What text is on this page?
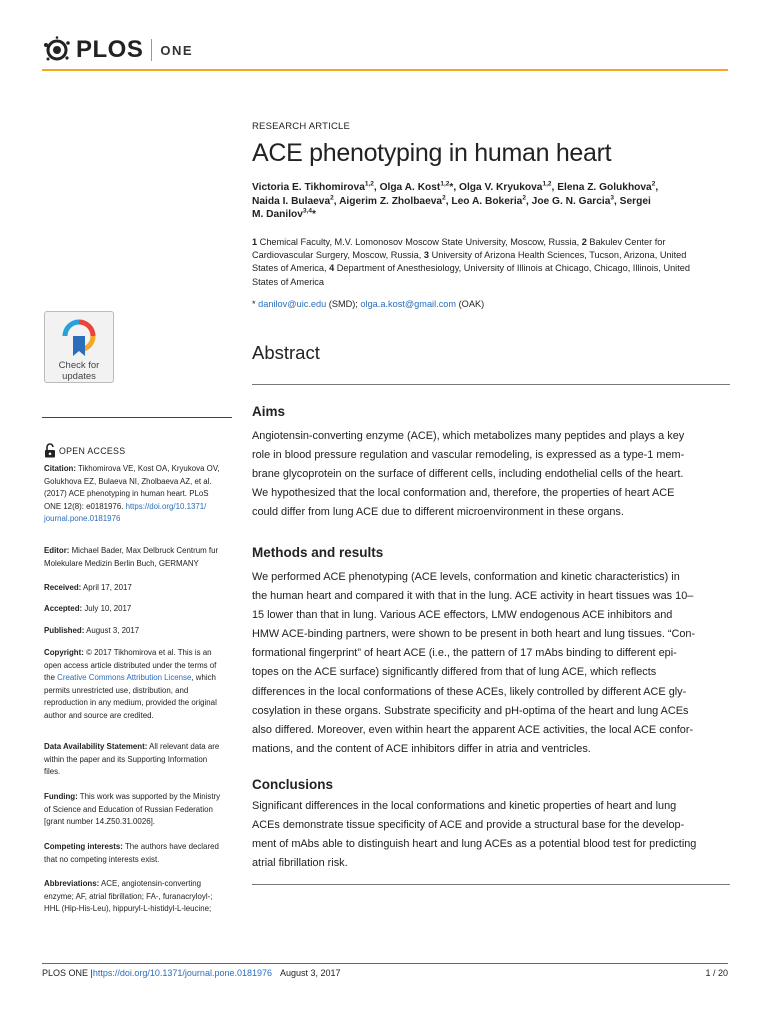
PLOS ONE
RESEARCH ARTICLE
ACE phenotyping in human heart
Victoria E. Tikhomirova$^{1,2}$, Olga A. Kost$^{1,2}$*, Olga V. Kryukova$^{1,2}$, Elena Z. Golukhova$^2$,
Naida I. Bulaeva$^2$, Aigerim Z. Zholbaeva$^2$, Leo A. Bokeria$^2$, Joe G. N. Garcia$^3$, Sergei
M. Danilov$^{3,4}$*
1 Chemical Faculty, M.V. Lomonosov Moscow State University, Moscow, Russia, 2 Bakulev Center for
Cardiovascular Surgery, Moscow, Russia, 3 University of Arizona Health Sciences, Tucson, Arizona, United
States of America, 4 Department of Anesthesiology, University of Illinois at Chicago, Chicago, Illinois, United
States of America
* danilov@uic.edu (SMD); olga.a.kost@gmail.com (OAK)
Check for
updates
Abstract
Aims
Angiotensin-converting enzyme (ACE), which metabolizes many peptides and plays a key
role in blood pressure regulation and vascular remodeling, is expressed as a type-1 mem-
brane glycoprotein on the surface of different cells, including endothelial cells of the heart.
We hypothesized that the local conformation and, therefore, the properties of heart ACE
could differ from lung ACE due to different microenvironment in these organs.
Methods and results
We performed ACE phenotyping (ACE levels, conformation and kinetic characteristics) in
the human heart and compared it with that in the lung. ACE activity in heart tissues was 10–
15 lower than that in lung. Various ACE effectors, LMW endogenous ACE inhibitors and
HMW ACE-binding partners, were shown to be present in both heart and lung tissues. “Con-
formational fingerprint” of heart ACE (i.e., the pattern of 17 mAbs binding to different epi-
topes on the ACE surface) significantly differed from that of lung ACE, which reflects
differences in the local conformations of these ACEs, likely controlled by different ACE gly-
cosylation in these organs. Substrate specificity and pH-optima of the heart and lung ACEs
also differed. Moreover, even within heart the apparent ACE activities, the local ACE confor-
mations, and the content of ACE inhibitors differ in atria and ventricles.
Conclusions
Significant differences in the local conformations and kinetic properties of heart and lung
ACEs demonstrate tissue specificity of ACE and provide a structural base for the develop-
ment of mAbs able to distinguish heart and lung ACEs as a potential blood test for predicting
atrial fibrillation risk.
OPEN ACCESS
Citation: Tikhomirova VE, Kost OA, Kryukova OV,
Golukhova EZ, Bulaeva NI, Zholbaeva AZ, et al.
(2017) ACE phenotyping in human heart. PLoS
ONE 12(8): e0181976. https://doi.org/10.1371/
journal.pone.0181976
Editor: Michael Bader, Max Delbruck Centrum fur
Molekulare Medizin Berlin Buch, GERMANY
Received: April 17, 2017
Accepted: July 10, 2017
Published: August 3, 2017
Copyright: © 2017 Tikhomirova et al. This is an
open access article distributed under the terms of
the Creative Commons Attribution License, which
permits unrestricted use, distribution, and
reproduction in any medium, provided the original
author and source are credited.
Data Availability Statement: All relevant data are
within the paper and its Supporting Information
files.
Funding: This work was supported by the Ministry
of Science and Education of Russian Federation
[grant number 14.Z50.31.0026].
Competing interests: The authors have declared
that no competing interests exist.
Abbreviations: ACE, angiotensin-converting
enzyme; AF, atrial fibrillation; FA-, furanacryloyl-;
HHL (Hip-His-Leu), hippuryl-L-histidyl-L-leucine;
PLOS ONE | https://doi.org/10.1371/journal.pone.0181976 August 3, 2017	1 / 20
